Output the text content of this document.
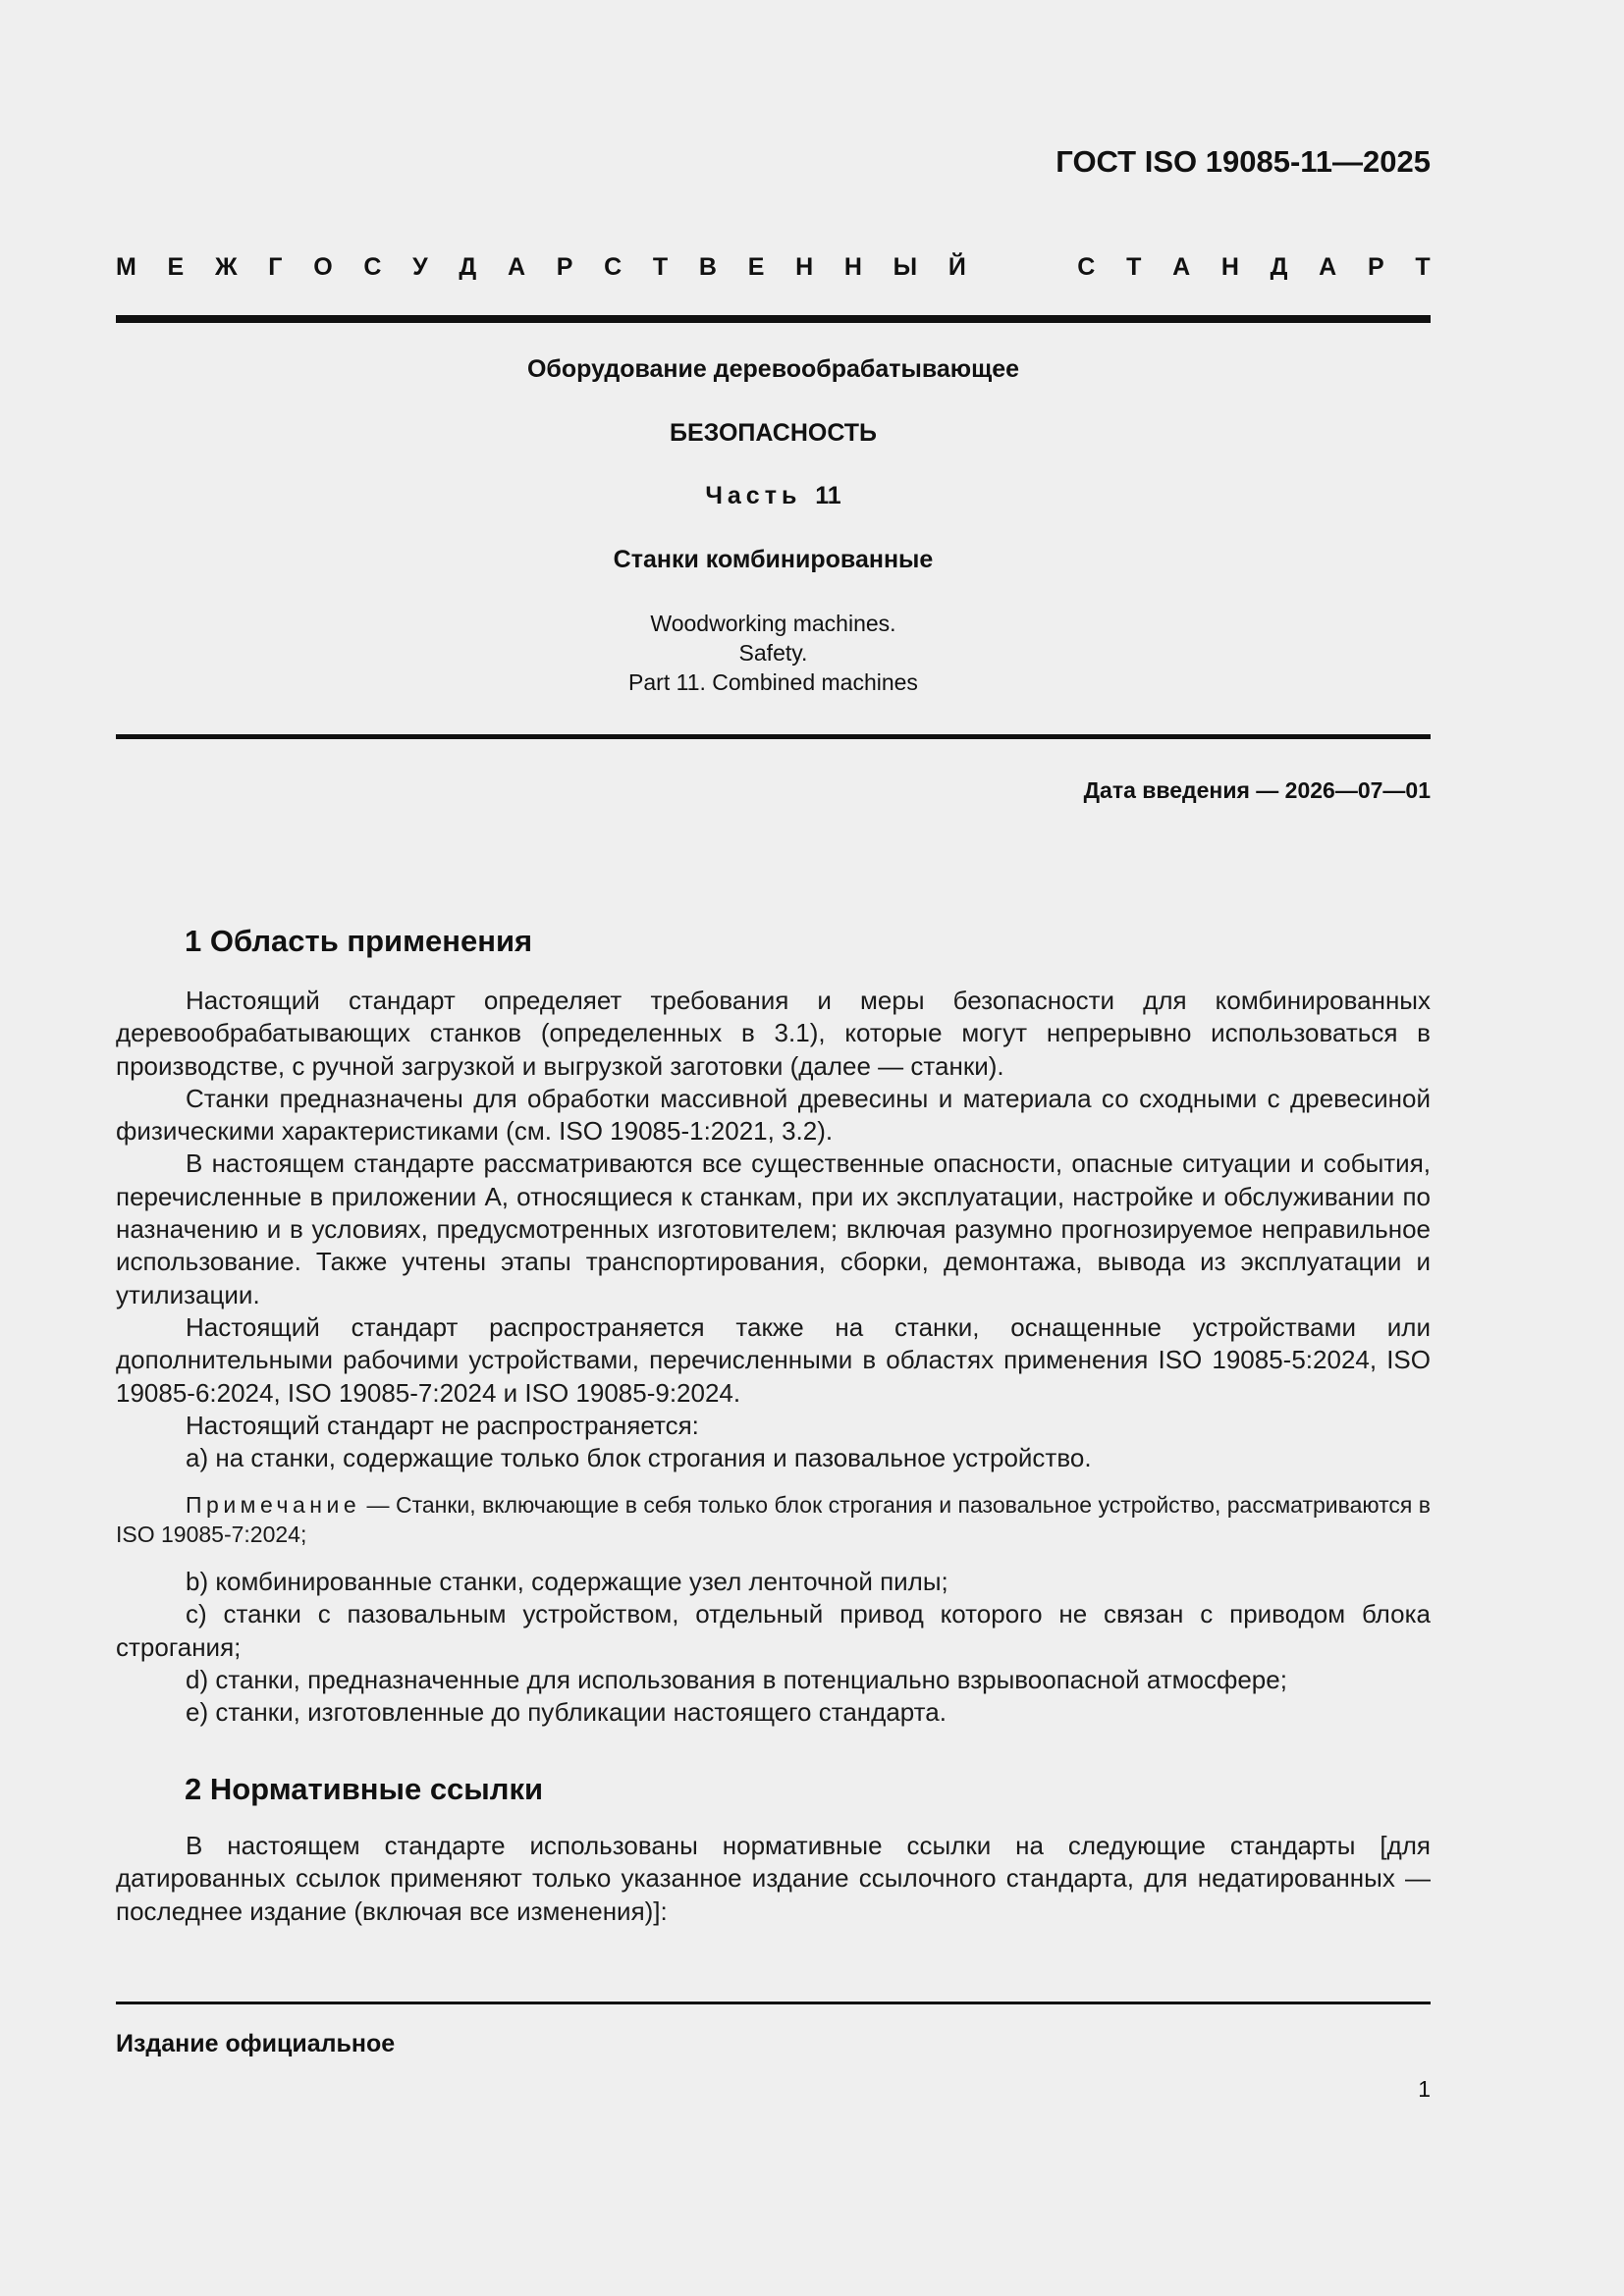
ГОСТ ISO 19085-11—2025
М Е Ж Г О С У Д А Р С Т В Е Н Н Ы Й	С Т А Н Д А Р Т
Оборудование деревообрабатывающее
БЕЗОПАСНОСТЬ
Часть 11
Станки комбинированные
Woodworking machines.
Safety.
Part 11. Combined machines
Дата введения — 2026—07—01
1 Область применения

Настоящий стандарт определяет требования и меры безопасности для комбинированных деревообрабатывающих станков (определенных в 3.1), которые могут непрерывно использоваться в производстве, с ручной загрузкой и выгрузкой заготовки (далее — станки).

Станки предназначены для обработки массивной древесины и материала со сходными с древесиной физическими характеристиками (см. ISO 19085-1:2021, 3.2).

В настоящем стандарте рассматриваются все существенные опасности, опасные ситуации и события, перечисленные в приложении А, относящиеся к станкам, при их эксплуатации, настройке и обслуживании по назначению и в условиях, предусмотренных изготовителем; включая разумно прогнозируемое неправильное использование. Также учтены этапы транспортирования, сборки, демонтажа, вывода из эксплуатации и утилизации.

Настоящий стандарт распространяется также на станки, оснащенные устройствами или дополнительными рабочими устройствами, перечисленными в областях применения ISO 19085-5:2024, ISO 19085-6:2024, ISO 19085-7:2024 и ISO 19085-9:2024.

Настоящий стандарт не распространяется:

а) на станки, содержащие только блок строгания и пазовальное устройство.

Примечание — Станки, включающие в себя только блок строгания и пазовальное устройство, рассматриваются в ISO 19085-7:2024;

b) комбинированные станки, содержащие узел ленточной пилы;

c) станки с пазовальным устройством, отдельный привод которого не связан с приводом блока строгания;

d) станки, предназначенные для использования в потенциально взрывоопасной атмосфере;

e) станки, изготовленные до публикации настоящего стандарта.

2 Нормативные ссылки

В настоящем стандарте использованы нормативные ссылки на следующие стандарты [для датированных ссылок применяют только указанное издание ссылочного стандарта, для недатированных — последнее издание (включая все изменения)]:

Издание официальное
1
